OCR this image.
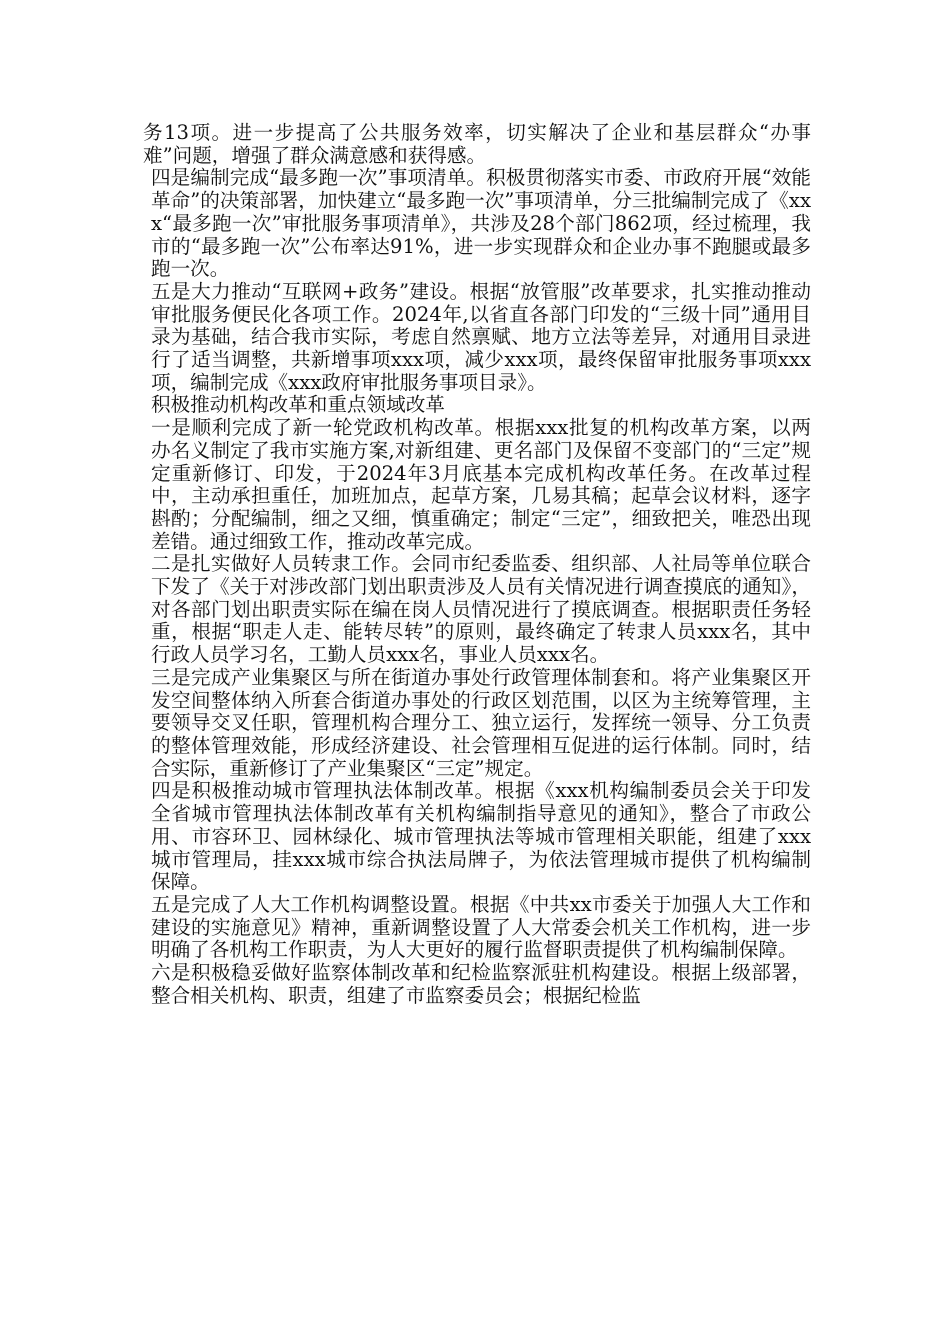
务13项。进一步提高了公共服务效率，切实解决了企业和基层群众“办事难”问题，增强了群众满意感和获得感。

四是编制完成“最多跑一次”事项清单。积极贯彻落实市委、市政府开展“效能革命”的决策部署，加快建立“最多跑一次”事项清单，分三批编制完成了《xxx“最多跑一次”审批服务事项清单》，共涉及28个部门862项，经过梳理，我市的“最多跑一次”公布率达91%，进一步实现群众和企业办事不跑腿或最多跑一次。

五是大力推动“互联网+政务”建设。根据“放管服”改革要求，扎实推动推动审批服务便民化各项工作。2024年,以省直各部门印发的“三级十同”通用目录为基础，结合我市实际，考虑自然禀赋、地方立法等差异，对通用目录进行了适当调整，共新增事项xxx项，减少xxx项，最终保留审批服务事项xxx项，编制完成《xxx政府审批服务事项目录》。

积极推动机构改革和重点领域改革

一是顺利完成了新一轮党政机构改革。根据xxx批复的机构改革方案，以两办名义制定了我市实施方案,对新组建、更名部门及保留不变部门的“三定”规定重新修订、印发，于2024年3月底基本完成机构改革任务。在改革过程中，主动承担重任，加班加点，起草方案，几易其稿；起草会议材料，逐字斟酌；分配编制，细之又细，慎重确定；制定“三定”，细致把关，唯恐出现差错。通过细致工作，推动改革完成。

二是扎实做好人员转隶工作。会同市纪委监委、组织部、人社局等单位联合下发了《关于对涉改部门划出职责涉及人员有关情况进行调查摸底的通知》，对各部门划出职责实际在编在岗人员情况进行了摸底调查。根据职责任务轻重，根据“职走人走、能转尽转”的原则，最终确定了转隶人员xxx名，其中行政人员学习名，工勤人员xxx名，事业人员xxx名。

三是完成产业集聚区与所在街道办事处行政管理体制套和。将产业集聚区开发空间整体纳入所套合街道办事处的行政区划范围，以区为主统筹管理，主要领导交叉任职，管理机构合理分工、独立运行，发挥统一领导、分工负责的整体管理效能，形成经济建设、社会管理相互促进的运行体制。同时，结合实际，重新修订了产业集聚区“三定”规定。

四是积极推动城市管理执法体制改革。根据《xxx机构编制委员会关于印发全省城市管理执法体制改革有关机构编制指导意见的通知》，整合了市政公用、市容环卫、园林绿化、城市管理执法等城市管理相关职能，组建了xxx城市管理局，挂xxx城市综合执法局牌子，为依法管理城市提供了机构编制保障。

五是完成了人大工作机构调整设置。根据《中共xx市委关于加强人大工作和建设的实施意见》精神，重新调整设置了人大常委会机关工作机构，进一步明确了各机构工作职责，为人大更好的履行监督职责提供了机构编制保障。

六是积极稳妥做好监察体制改革和纪检监察派驻机构建设。根据上级部署，整合相关机构、职责，组建了市监察委员会；根据纪检监
